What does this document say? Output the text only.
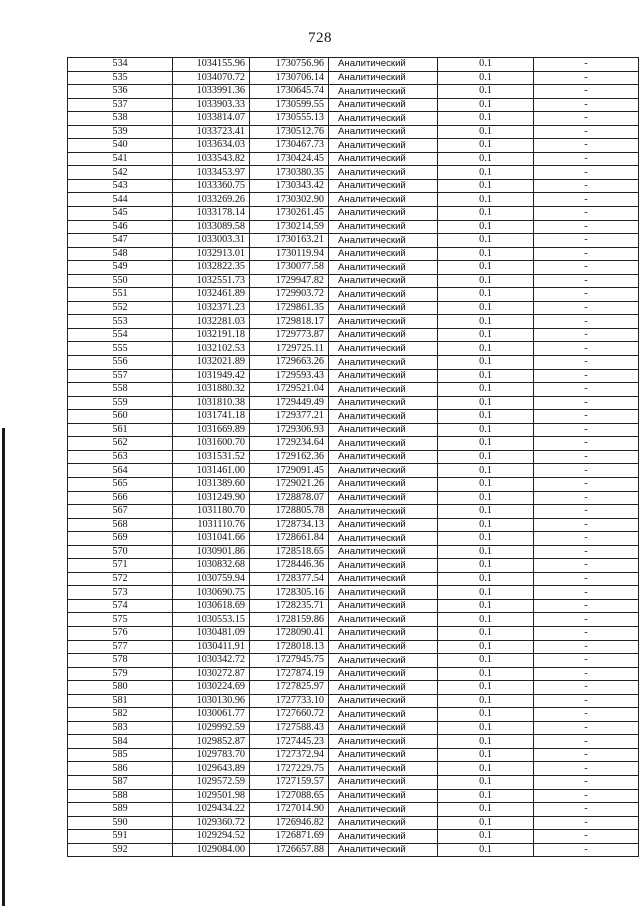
728
534	1034155.96	1730756.96	Аналитический	0.1	-
535	1034070.72	1730706.14	Аналитический	0.1	-
536	1033991.36	1730645.74	Аналитический	0.1	-
537	1033903.33	1730599.55	Аналитический	0.1	-
538	1033814.07	1730555.13	Аналитический	0.1	-
539	1033723.41	1730512.76	Аналитический	0.1	-
540	1033634.03	1730467.73	Аналитический	0.1	-
541	1033543.82	1730424.45	Аналитический	0.1	-
542	1033453.97	1730380.35	Аналитический	0.1	-
543	1033360.75	1730343.42	Аналитический	0.1	-
544	1033269.26	1730302.90	Аналитический	0.1	-
545	1033178.14	1730261.45	Аналитический	0.1	-
546	1033089.58	1730214.59	Аналитический	0.1	-
547	1033003.31	1730163.21	Аналитический	0.1	-
548	1032913.01	1730119.94	Аналитический	0.1	-
549	1032822.35	1730077.58	Аналитический	0.1	-
550	1032551.73	1729947.82	Аналитический	0.1	-
551	1032461.89	1729903.72	Аналитический	0.1	-
552	1032371.23	1729861.35	Аналитический	0.1	-
553	1032281.03	1729818.17	Аналитический	0.1	-
554	1032191.18	1729773.87	Аналитический	0.1	-
555	1032102.53	1729725.11	Аналитический	0.1	-
556	1032021.89	1729663.26	Аналитический	0.1	-
557	1031949.42	1729593.43	Аналитический	0.1	-
558	1031880.32	1729521.04	Аналитический	0.1	-
559	1031810.38	1729449.49	Аналитический	0.1	-
560	1031741.18	1729377.21	Аналитический	0.1	-
561	1031669.89	1729306.93	Аналитический	0.1	-
562	1031600.70	1729234.64	Аналитический	0.1	-
563	1031531.52	1729162.36	Аналитический	0.1	-
564	1031461.00	1729091.45	Аналитический	0.1	-
565	1031389.60	1729021.26	Аналитический	0.1	-
566	1031249.90	1728878.07	Аналитический	0.1	-
567	1031180.70	1728805.78	Аналитический	0.1	-
568	1031110.76	1728734.13	Аналитический	0.1	-
569	1031041.66	1728661.84	Аналитический	0.1	-
570	1030901.86	1728518.65	Аналитический	0.1	-
571	1030832.68	1728446.36	Аналитический	0.1	-
572	1030759.94	1728377.54	Аналитический	0.1	-
573	1030690.75	1728305.16	Аналитический	0.1	-
574	1030618.69	1728235.71	Аналитический	0.1	-
575	1030553.15	1728159.86	Аналитический	0.1	-
576	1030481.09	1728090.41	Аналитический	0.1	-
577	1030411.91	1728018.13	Аналитический	0.1	-
578	1030342.72	1727945.75	Аналитический	0.1	-
579	1030272.87	1727874.19	Аналитический	0.1	-
580	1030224.69	1727825.97	Аналитический	0.1	-
581	1030130.96	1727733.10	Аналитический	0.1	-
582	1030061.77	1727660.72	Аналитический	0.1	-
583	1029992.59	1727588.43	Аналитический	0.1	-
584	1029852.87	1727445.23	Аналитический	0.1	-
585	1029783.70	1727372.94	Аналитический	0.1	-
586	1029643.89	1727229.75	Аналитический	0.1	-
587	1029572.59	1727159.57	Аналитический	0.1	-
588	1029501.98	1727088.65	Аналитический	0.1	-
589	1029434.22	1727014.90	Аналитический	0.1	-
590	1029360.72	1726946.82	Аналитический	0.1	-
591	1029294.52	1726871.69	Аналитический	0.1	-
592	1029084.00	1726657.88	Аналитический	0.1	-
